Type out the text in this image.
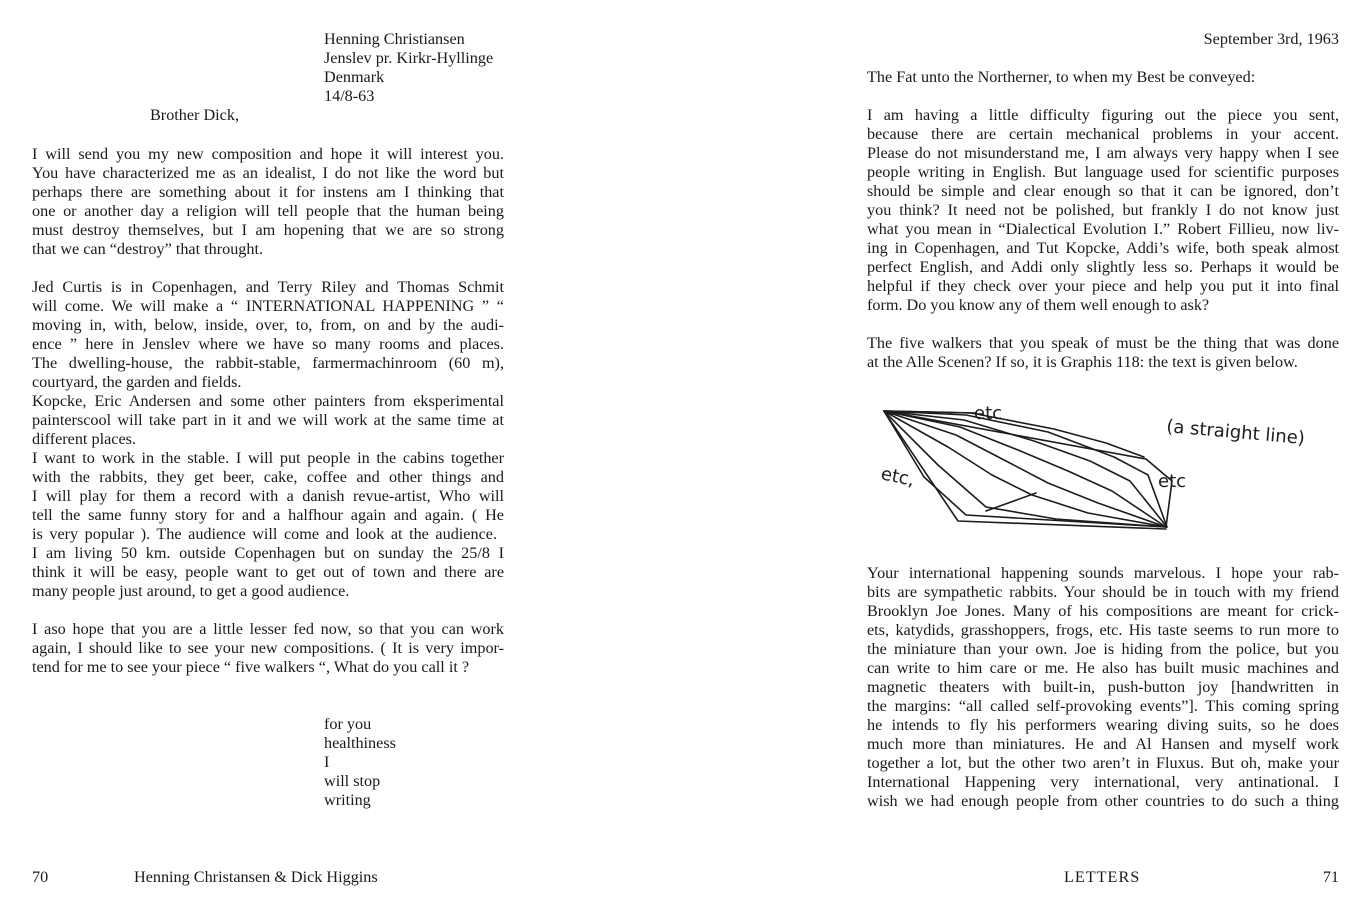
Henning Christiansen
Jenslev pr. Kirkr-Hyllinge
Denmark
14/8-63
Brother Dick,
I will send you my new composition and hope it will interest you.
You have characterized me as an idealist, I do not like the word but
perhaps there are something about it for instens am I thinking that
one or another day a religion will tell people that the human being
must destroy themselves, but I am hopening that we are so strong
that we can “destroy” that throught.
Jed Curtis is in Copenhagen, and Terry Riley and Thomas Schmit
will come. We will make a “ INTERNATIONAL HAPPENING ” “
moving in, with, below, inside, over, to, from, on and by the audi-
ence ” here in Jenslev where we have so many rooms and places.
The dwelling-house, the rabbit-stable, farmermachinroom (60 m),
courtyard, the garden and fields.
Kopcke, Eric Andersen and some other painters from eksperimental
painterscool will take part in it and we will work at the same time at
different places.
I want to work in the stable. I will put people in the cabins together
with the rabbits, they get beer, cake, coffee and other things and
I will play for them a record with a danish revue-artist, Who will
tell the same funny story for and a halfhour again and again. ( He
is very popular ). The audience will come and look at the audience.
I am living 50 km. outside Copenhagen but on sunday the 25/8 I
think it will be easy, people want to get out of town and there are
many people just around, to get a good audience.
I aso hope that you are a little lesser fed now, so that you can work
again, I should like to see your new compositions. ( It is very impor-
tend for me to see your piece “ five walkers “, What do you call it ?
for you
healthiness
I
will stop
writing
70	Henning Christansen & Dick Higgins
September 3rd, 1963
The Fat unto the Northerner, to when my Best be conveyed:
I am having a little difficulty figuring out the piece you sent,
because there are certain mechanical problems in your accent.
Please do not misunderstand me, I am always very happy when I see
people writing in English. But language used for scientific purposes
should be simple and clear enough so that it can be ignored, don’t
you think? It need not be polished, but frankly I do not know just
what you mean in “Dialectical Evolution I.” Robert Fillieu, now liv-
ing in Copenhagen, and Tut Kopcke, Addi’s wife, both speak almost
perfect English, and Addi only slightly less so. Perhaps it would be
helpful if they check over your piece and help you put it into final
form. Do you know any of them well enough to ask?
The five walkers that you speak of must be the thing that was done
at the Alle Scenen? If so, it is Graphis 118: the text is given below.
etc
etc,	etc
(a straight line)
Your international happening sounds marvelous. I hope your rab-
bits are sympathetic rabbits. Your should be in touch with my friend
Brooklyn Joe Jones. Many of his compositions are meant for crick-
ets, katydids, grasshoppers, frogs, etc. His taste seems to run more to
the miniature than your own. Joe is hiding from the police, but you
can write to him care or me. He also has built music machines and
magnetic theaters with built-in, push-button joy [handwritten in
the margins: “all called self-provoking events”]. This coming spring
he intends to fly his performers wearing diving suits, so he does
much more than miniatures. He and Al Hansen and myself work
together a lot, but the other two aren’t in Fluxus. But oh, make your
International Happening very international, very antinational. I
wish we had enough people from other countries to do such a thing
LETTERS	71
